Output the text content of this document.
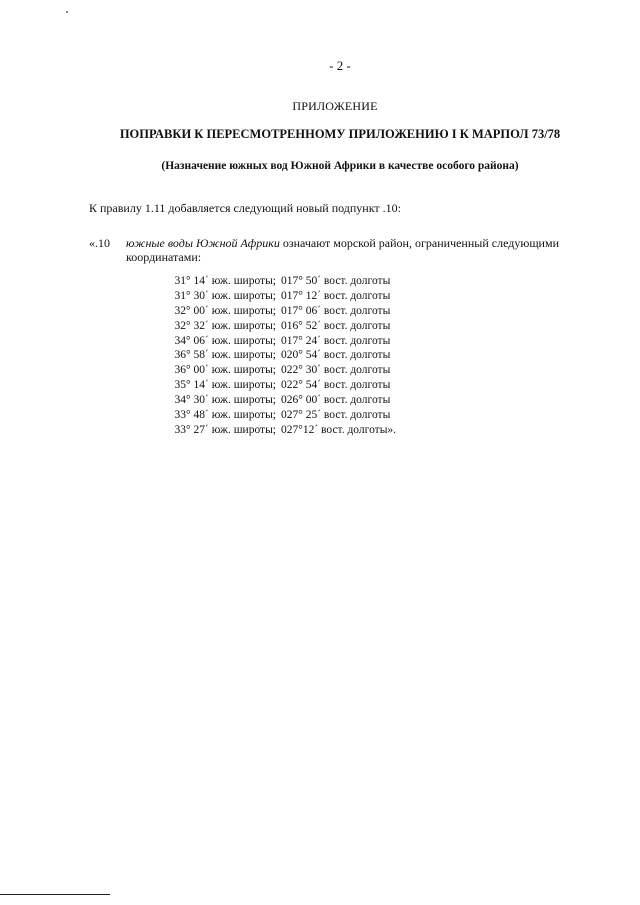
- 2 -
ПРИЛОЖЕНИЕ
ПОПРАВКИ К ПЕРЕСМОТРЕННОМУ ПРИЛОЖЕНИЮ I К МАРПОЛ 73/78
(Назначение южных вод Южной Африки в качестве особого района)
К правилу 1.11 добавляется следующий новый подпункт .10:
«.10 южные воды Южной Африки означают морской район, ограниченный следующими координатами:
31° 14΄ юж. широты; 017° 50΄ вост. долготы
31° 30΄ юж. широты; 017° 12΄ вост. долготы
32° 00΄ юж. широты; 017° 06΄ вост. долготы
32° 32΄ юж. широты; 016° 52΄ вост. долготы
34° 06΄ юж. широты; 017° 24΄ вост. долготы
36° 58΄ юж. широты; 020° 54΄ вост. долготы
36° 00΄ юж. широты; 022° 30΄ вост. долготы
35° 14΄ юж. широты; 022° 54΄ вост. долготы
34° 30΄ юж. широты; 026° 00΄ вост. долготы
33° 48΄ юж. широты; 027° 25΄ вост. долготы
33° 27΄ юж. широты; 027°12΄ вост. долготы».
